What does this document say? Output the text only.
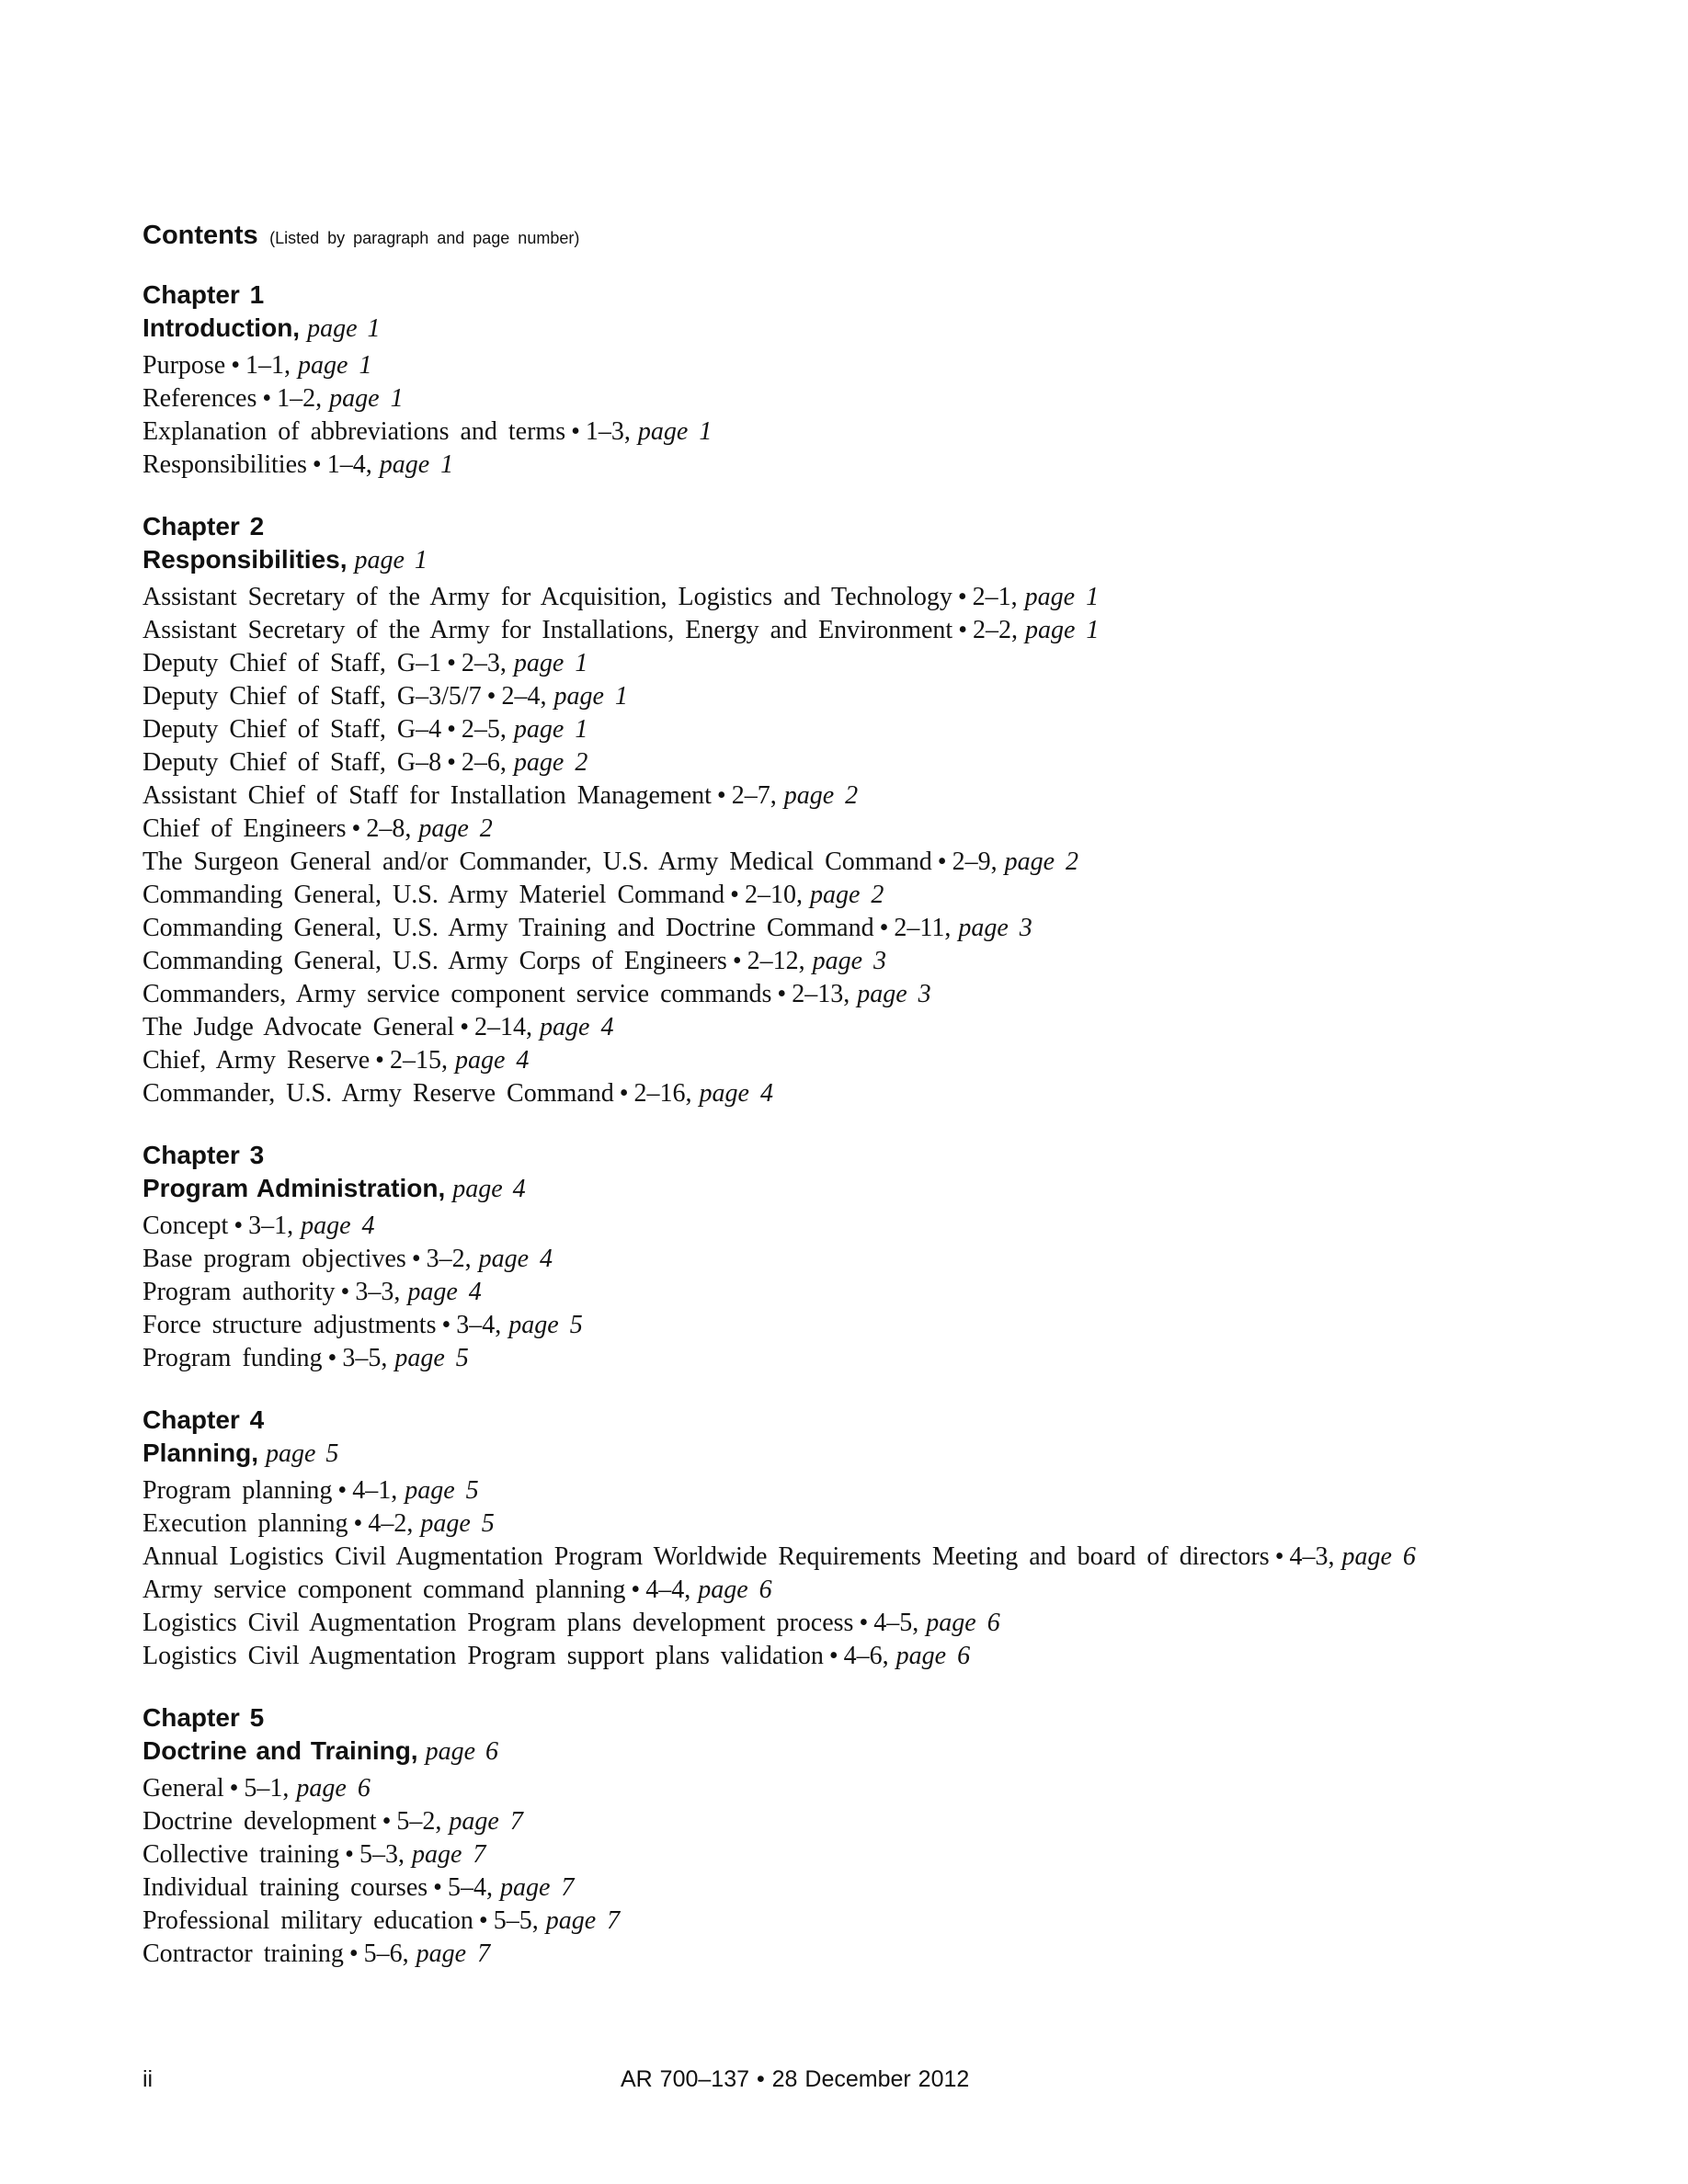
Contents (Listed by paragraph and page number)
Chapter 1
Introduction, page 1
Purpose • 1–1, page 1
References • 1–2, page 1
Explanation of abbreviations and terms • 1–3, page 1
Responsibilities • 1–4, page 1
Chapter 2
Responsibilities, page 1
Assistant Secretary of the Army for Acquisition, Logistics and Technology • 2–1, page 1
Assistant Secretary of the Army for Installations, Energy and Environment • 2–2, page 1
Deputy Chief of Staff, G–1 • 2–3, page 1
Deputy Chief of Staff, G–3/5/7 • 2–4, page 1
Deputy Chief of Staff, G–4 • 2–5, page 1
Deputy Chief of Staff, G–8 • 2–6, page 2
Assistant Chief of Staff for Installation Management • 2–7, page 2
Chief of Engineers • 2–8, page 2
The Surgeon General and/or Commander, U.S. Army Medical Command • 2–9, page 2
Commanding General, U.S. Army Materiel Command • 2–10, page 2
Commanding General, U.S. Army Training and Doctrine Command • 2–11, page 3
Commanding General, U.S. Army Corps of Engineers • 2–12, page 3
Commanders, Army service component service commands • 2–13, page 3
The Judge Advocate General • 2–14, page 4
Chief, Army Reserve • 2–15, page 4
Commander, U.S. Army Reserve Command • 2–16, page 4
Chapter 3
Program Administration, page 4
Concept • 3–1, page 4
Base program objectives • 3–2, page 4
Program authority • 3–3, page 4
Force structure adjustments • 3–4, page 5
Program funding • 3–5, page 5
Chapter 4
Planning, page 5
Program planning • 4–1, page 5
Execution planning • 4–2, page 5
Annual Logistics Civil Augmentation Program Worldwide Requirements Meeting and board of directors • 4–3, page 6
Army service component command planning • 4–4, page 6
Logistics Civil Augmentation Program plans development process • 4–5, page 6
Logistics Civil Augmentation Program support plans validation • 4–6, page 6
Chapter 5
Doctrine and Training, page 6
General • 5–1, page 6
Doctrine development • 5–2, page 7
Collective training • 5–3, page 7
Individual training courses • 5–4, page 7
Professional military education • 5–5, page 7
Contractor training • 5–6, page 7
ii	AR 700–137 • 28 December 2012
